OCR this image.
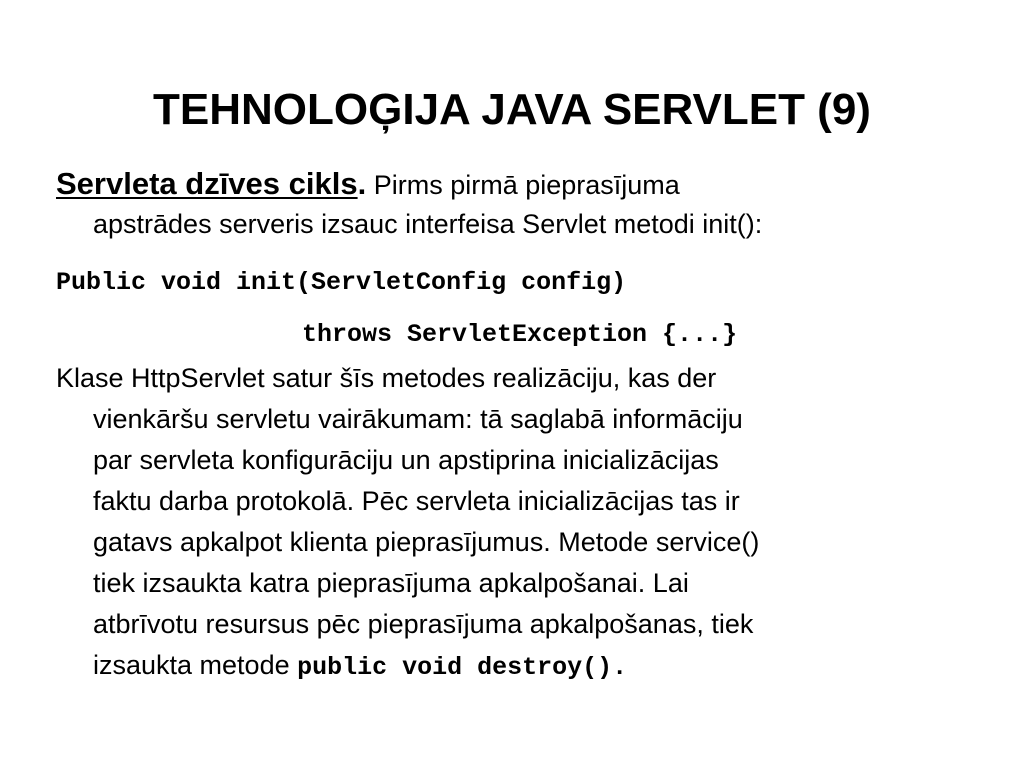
TEHNOLOĢIJA JAVA SERVLET (9)

Servleta dzīves cikls. Pirms pirmā pieprasījuma
apstrādes serveris izsauc interfeisa Servlet metodi init():

Public void init(ServletConfig config)
throws ServletException {...}

Klase HttpServlet satur šīs metodes realizāciju, kas der
vienkāršu servletu vairākumam: tā saglabā informāciju
par servleta konfigurāciju un apstiprina inicializācijas
faktu darba protokolā. Pēc servleta inicializācijas tas ir
gatavs apkalpot klienta pieprasījumus. Metode service()
tiek izsaukta katra pieprasījuma apkalpošanai. Lai
atbrīvotu resursus pēc pieprasījuma apkalpošanas, tiek
izsaukta metode public void destroy().
